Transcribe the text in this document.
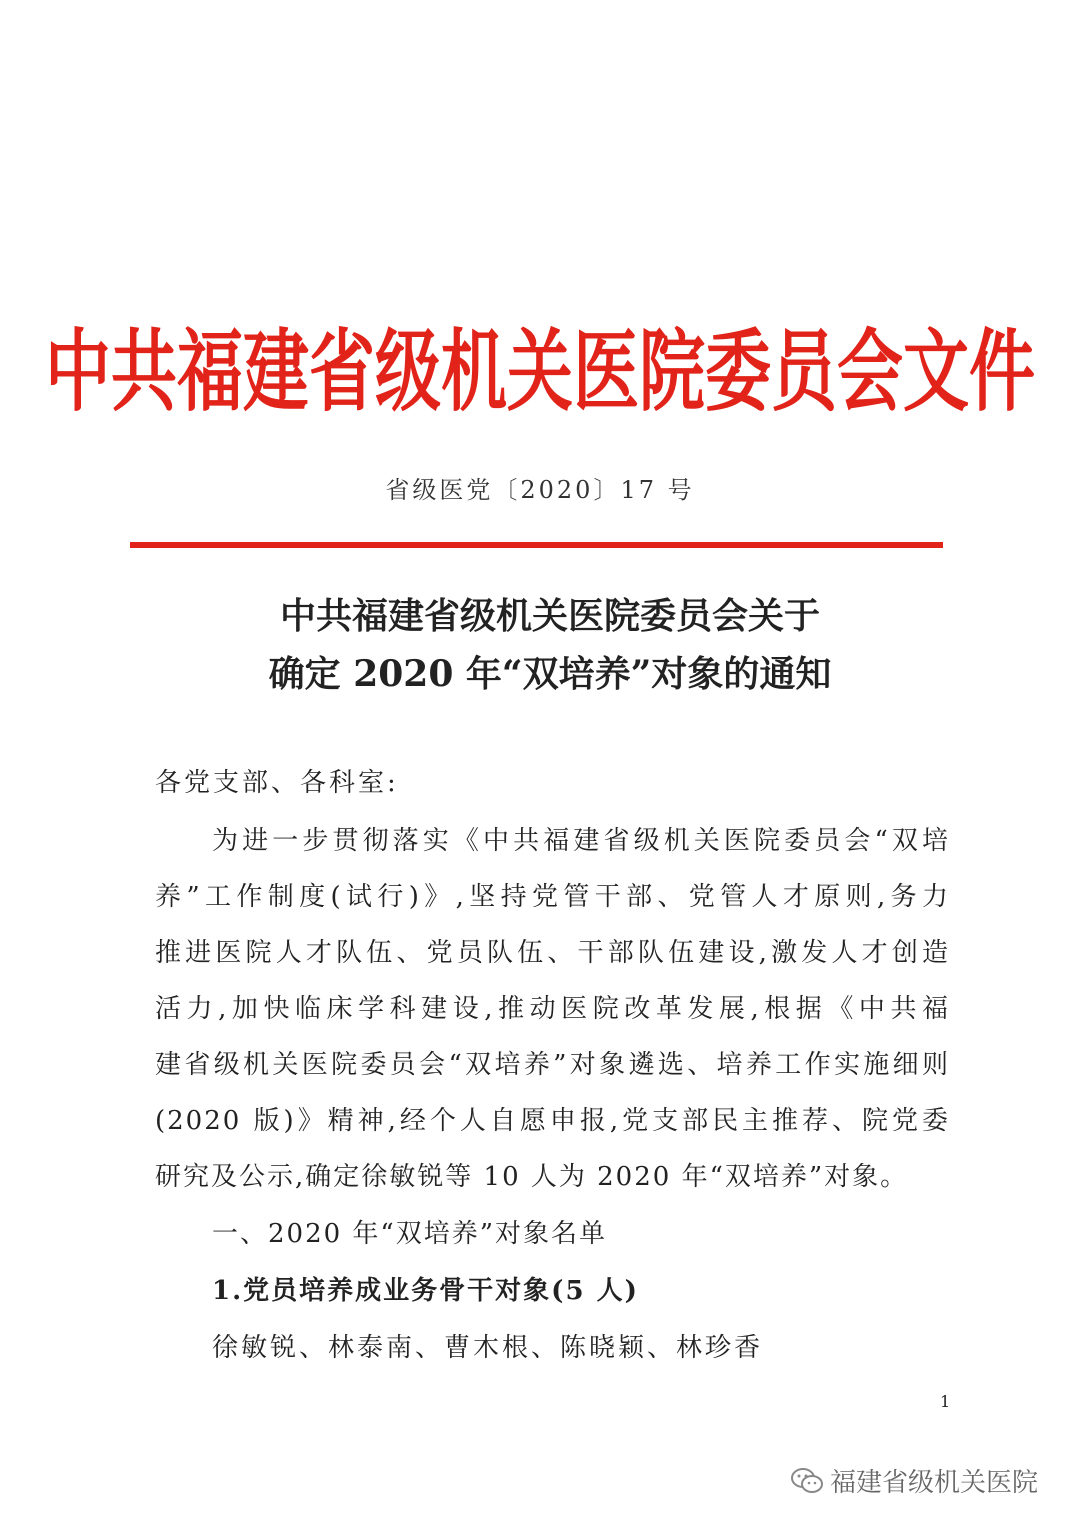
中共福建省级机关医院委员会文件
省级医党〔2020〕17 号
中共福建省级机关医院委员会关于
确定 2020 年“双培养”对象的通知
各党支部、各科室:
为进一步贯彻落实《中共福建省级机关医院委员会“双培
养”工作制度(试行)》,坚持党管干部、党管人才原则,务力
推进医院人才队伍、党员队伍、干部队伍建设,激发人才创造
活力,加快临床学科建设,推动医院改革发展,根据《中共福
建省级机关医院委员会“双培养”对象遴选、培养工作实施细则
(2020 版)》精神,经个人自愿申报,党支部民主推荐、院党委
研究及公示,确定徐敏锐等 10 人为 2020 年“双培养”对象。
一、2020 年“双培养”对象名单
1.党员培养成业务骨干对象(5 人)
徐敏锐、林泰南、曹木根、陈晓颖、林珍香
1
福建省级机关医院
